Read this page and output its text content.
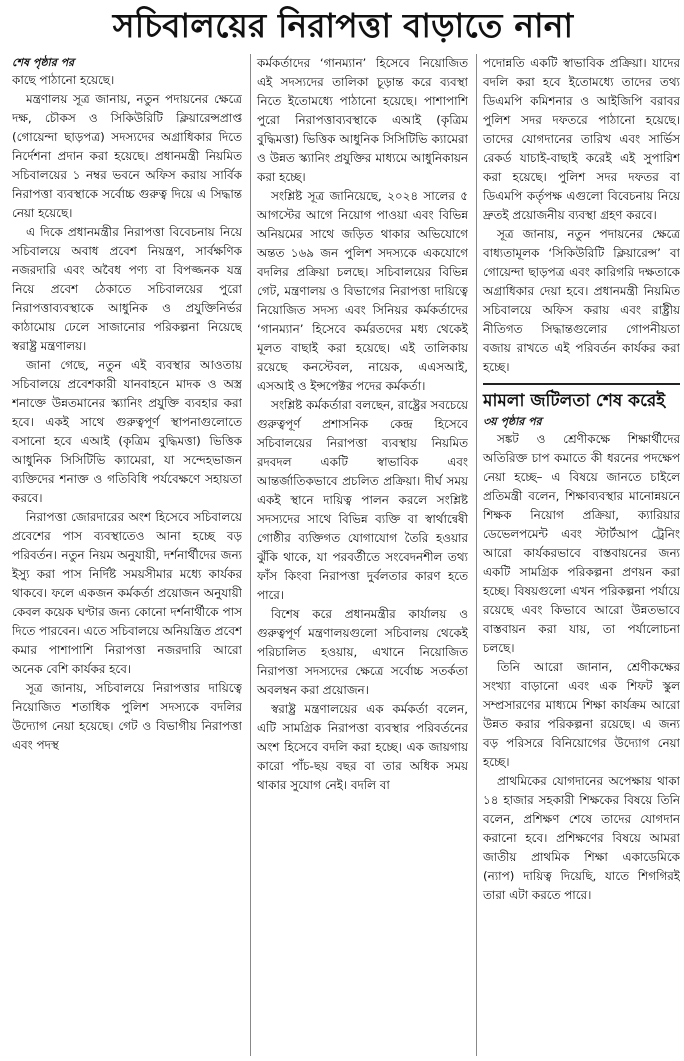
সচিবালয়ের নিরাপত্তা বাড়াতে নানা
শেষ পৃষ্ঠার পর

কাছে পাঠানো হয়েছে।

মন্ত্রণালয় সূত্র জানায়, নতুন পদায়নের ক্ষেত্রে দক্ষ, চৌকস ও সিকিউরিটি ক্লিয়ারেন্সপ্রাপ্ত (গোয়েন্দা ছাড়পত্র) সদস্যদের অগ্রাধিকার দিতে নির্দেশনা প্রদান করা হয়েছে। প্রধানমন্ত্রী নিয়মিত সচিবালয়ের ১ নম্বর ভবনে অফিস করায় সার্বিক নিরাপত্তা ব্যবস্থাকে সর্বোচ্চ গুরুত্ব দিয়ে এ সিদ্ধান্ত নেয়া হয়েছে।

এ দিকে প্রধানমন্ত্রীর নিরাপত্তা বিবেচনায় নিয়ে সচিবালয়ে অবাধ প্রবেশ নিয়ন্ত্রণ, সার্বক্ষণিক নজরদারি এবং অবৈধ পণ্য বা বিপজ্জনক যন্ত্র নিয়ে প্রবেশ ঠেকাতে সচিবালয়ের পুরো নিরাপত্তাব্যবস্থাকে আধুনিক ও প্রযুক্তিনির্ভর কাঠামোয় ঢেলে সাজানোর পরিকল্পনা নিয়েছে স্বরাষ্ট্র মন্ত্রণালয়।

জানা গেছে, নতুন এই ব্যবস্থার আওতায় সচিবালয়ে প্রবেশকারী যানবাহনে মাদক ও অস্ত্র শনাক্তে উন্নতমানের স্ক্যানিং প্রযুক্তি ব্যবহার করা হবে। একই সাথে গুরুত্বপূর্ণ স্থাপনাগুলোতে বসানো হবে এআই (কৃত্রিম বুদ্ধিমত্তা) ভিত্তিক আধুনিক সিসিটিভি ক্যামেরা, যা সন্দেহভাজন ব্যক্তিদের শনাক্ত ও গতিবিধি পর্যবেক্ষণে সহায়তা করবে।

নিরাপত্তা জোরদারের অংশ হিসেবে সচিবালয়ে প্রবেশের পাস ব্যবস্থাতেও আনা হচ্ছে বড় পরিবর্তন। নতুন নিয়ম অনুযায়ী, দর্শনার্থীদের জন্য ইস্যু করা পাস নির্দিষ্ট সময়সীমার মধ্যে কার্যকর থাকবে। ফলে একজন কর্মকর্তা প্রয়োজন অনুযায়ী কেবল কয়েক ঘণ্টার জন্য কোনো দর্শনার্থীকে পাস দিতে পারবেন। এতে সচিবালয়ে অনিয়ন্ত্রিত প্রবেশ কমার পাশাপাশি নিরাপত্তা নজরদারি আরো অনেক বেশি কার্যকর হবে।

সূত্র জানায়, সচিবালয়ে নিরাপত্তার দায়িত্বে নিয়োজিত শতাধিক পুলিশ সদস্যকে বদলির উদ্যোগ নেয়া হয়েছে। গেট ও বিভাগীয় নিরাপত্তা এবং পদস্থ

কর্মকর্তাদের ‘গানম্যান’ হিসেবে নিয়োজিত এই সদস্যদের তালিকা চূড়ান্ত করে ব্যবস্থা নিতে ইতোমধ্যে পাঠানো হয়েছে। পাশাপাশি পুরো নিরাপত্তাব্যবস্থাকে এআই (কৃত্রিম বুদ্ধিমত্তা) ভিত্তিক আধুনিক সিসিটিভি ক্যামেরা ও উন্নত স্ক্যানিং প্রযুক্তির মাধ্যমে আধুনিকায়ন করা হচ্ছে।

সংশ্লিষ্ট সূত্র জানিয়েছে, ২০২৪ সালের ৫ আগস্টের আগে নিয়োগ পাওয়া এবং বিভিন্ন অনিয়মের সাথে জড়িত থাকার অভিযোগে অন্তত ১৬৯ জন পুলিশ সদস্যকে একযোগে বদলির প্রক্রিয়া চলছে। সচিবালয়ের বিভিন্ন গেট, মন্ত্রণালয় ও বিভাগের নিরাপত্তা দায়িত্বে নিয়োজিত সদস্য এবং সিনিয়র কর্মকর্তাদের ‘গানম্যান’ হিসেবে কর্মরতদের মধ্য থেকেই মূলত বাছাই করা হয়েছে। এই তালিকায় রয়েছে কনস্টেবল, নায়েক, এএসআই, এসআই ও ইন্সপেক্টর পদের কর্মকর্তা।

সংশ্লিষ্ট কর্মকর্তারা বলছেন, রাষ্ট্রের সবচেয়ে গুরুত্বপূর্ণ প্রশাসনিক কেন্দ্র হিসেবে সচিবালয়ের নিরাপত্তা ব্যবস্থায় নিয়মিত রদবদল একটি স্বাভাবিক এবং আন্তর্জাতিকভাবে প্রচলিত প্রক্রিয়া। দীর্ঘ সময় একই স্থানে দায়িত্ব পালন করলে সংশ্লিষ্ট সদস্যদের সাথে বিভিন্ন ব্যক্তি বা স্বার্থান্বেষী গোষ্ঠীর ব্যক্তিগত যোগাযোগ তৈরি হওয়ার ঝুঁকি থাকে, যা পরবর্তীতে সংবেদনশীল তথ্য ফাঁস কিংবা নিরাপত্তা দুর্বলতার কারণ হতে পারে।

বিশেষ করে প্রধানমন্ত্রীর কার্যালয় ও গুরুত্বপূর্ণ মন্ত্রণালয়গুলো সচিবালয় থেকেই পরিচালিত হওয়ায়, এখানে নিয়োজিত নিরাপত্তা সদস্যদের ক্ষেত্রে সর্বোচ্চ সতর্কতা অবলম্বন করা প্রয়োজন।

স্বরাষ্ট্র মন্ত্রণালয়ের এক কর্মকর্তা বলেন, এটি সামগ্রিক নিরাপত্তা ব্যবস্থার পরিবর্তনের অংশ হিসেবে বদলি করা হচ্ছে। এক জায়গায় কারো পাঁচ-ছয় বছর বা তার অধিক সময় থাকার সুযোগ নেই। বদলি বা

পদোন্নতি একটি স্বাভাবিক প্রক্রিয়া। যাদের বদলি করা হবে ইতোমধ্যে তাদের তথ্য ডিএমপি কমিশনার ও আইজিপি বরাবর পুলিশ সদর দফতরে পাঠানো হয়েছে। তাদের যোগদানের তারিখ এবং সার্ভিস রেকর্ড যাচাই-বাছাই করেই এই সুপারিশ করা হয়েছে। পুলিশ সদর দফতর বা ডিএমপি কর্তৃপক্ষ এগুলো বিবেচনায় নিয়ে দ্রুতই প্রয়োজনীয় ব্যবস্থা গ্রহণ করবে।

সূত্র জানায়, নতুন পদায়নের ক্ষেত্রে বাধ্যতামূলক ‘সিকিউরিটি ক্লিয়ারেন্স’ বা গোয়েন্দা ছাড়পত্র এবং কারিগরি দক্ষতাকে অগ্রাধিকার দেয়া হবে। প্রধানমন্ত্রী নিয়মিত সচিবালয়ে অফিস করায় এবং রাষ্ট্রীয় নীতিগত সিদ্ধান্তগুলোর গোপনীয়তা বজায় রাখতে এই পরিবর্তন কার্যকর করা হচ্ছে।

মামলা জটিলতা শেষ করেই
৩য় পৃষ্ঠার পর

সঙ্কট ও শ্রেণীকক্ষে শিক্ষার্থীদের অতিরিক্ত চাপ কমাতে কী ধরনের পদক্ষেপ নেয়া হচ্ছে– এ বিষয়ে জানতে চাইলে প্রতিমন্ত্রী বলেন, শিক্ষাব্যবস্থার মানোন্নয়নে শিক্ষক নিয়োগ প্রক্রিয়া, ক্যারিয়ার ডেভেলপমেন্ট এবং স্টার্টআপ ট্রেনিং আরো কার্যকরভাবে বাস্তবায়নের জন্য একটি সামগ্রিক পরিকল্পনা প্রণয়ন করা হচ্ছে। বিষয়গুলো এখন পরিকল্পনা পর্যায়ে রয়েছে এবং কিভাবে আরো উন্নতভাবে বাস্তবায়ন করা যায়, তা পর্যালোচনা চলছে।

তিনি আরো জানান, শ্রেণীকক্ষের সংখ্যা বাড়ানো এবং এক শিফট স্কুল সম্প্রসারণের মাধ্যমে শিক্ষা কার্যক্রম আরো উন্নত করার পরিকল্পনা রয়েছে। এ জন্য বড় পরিসরে বিনিয়োগের উদ্যোগ নেয়া হচ্ছে।

প্রাথমিকের যোগদানের অপেক্ষায় থাকা ১৪ হাজার সহকারী শিক্ষকের বিষয়ে তিনি বলেন, প্রশিক্ষণ শেষে তাদের যোগদান করানো হবে। প্রশিক্ষণের বিষয়ে আমরা জাতীয় প্রাথমিক শিক্ষা একাডেমিকে (ন্যাপ) দায়িত্ব দিয়েছি, যাতে শিগগিরই তারা এটা করতে পারে।
